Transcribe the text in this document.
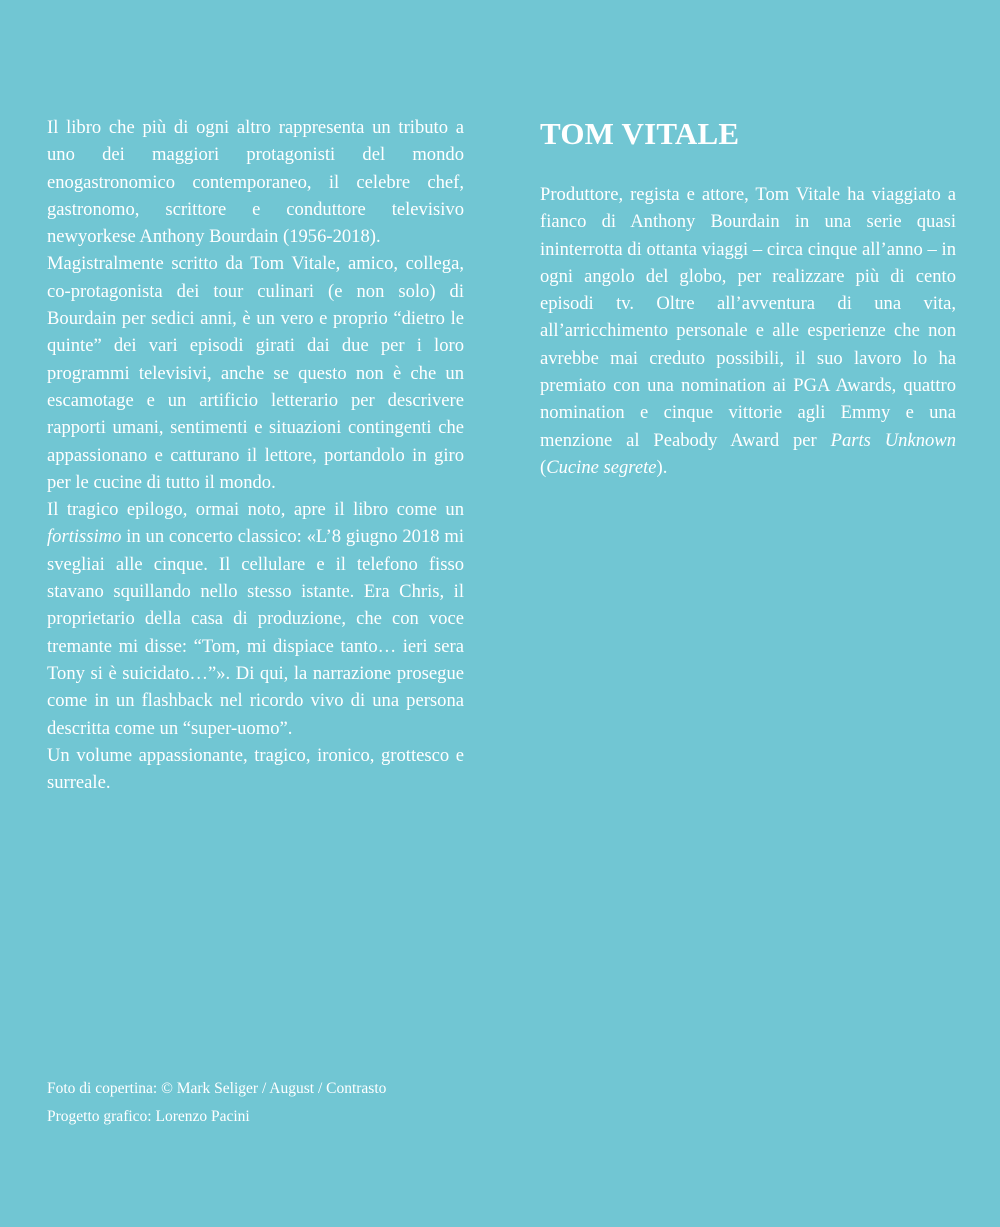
Il libro che più di ogni altro rappresenta un tributo a uno dei maggiori protagonisti del mondo enogastronomico contemporaneo, il celebre chef, gastronomo, scrittore e conduttore televisivo newyorkese Anthony Bourdain (1956-2018).

Magistralmente scritto da Tom Vitale, amico, collega, co-protagonista dei tour culinari (e non solo) di Bourdain per sedici anni, è un vero e proprio “dietro le quinte” dei vari episodi girati dai due per i loro programmi televisivi, anche se questo non è che un escamotage e un artificio letterario per descrivere rapporti umani, sentimenti e situazioni contingenti che appassionano e catturano il lettore, portandolo in giro per le cucine di tutto il mondo.

Il tragico epilogo, ormai noto, apre il libro come un fortissimo in un concerto classico: «L’8 giugno 2018 mi svegliai alle cinque. Il cellulare e il telefono fisso stavano squillando nello stesso istante. Era Chris, il proprietario della casa di produzione, che con voce tremante mi disse: “Tom, mi dispiace tanto… ieri sera Tony si è suicidato…”». Di qui, la narrazione prosegue come in un flashback nel ricordo vivo di una persona descritta come un “super-uomo”.

Un volume appassionante, tragico, ironico, grottesco e surreale.

TOM VITALE

Produttore, regista e attore, Tom Vitale ha viaggiato a fianco di Anthony Bourdain in una serie quasi ininterrotta di ottanta viaggi – circa cinque all’anno – in ogni angolo del globo, per realizzare più di cento episodi tv. Oltre all’avventura di una vita, all’arricchimento personale e alle esperienze che non avrebbe mai creduto possibili, il suo lavoro lo ha premiato con una nomination ai PGA Awards, quattro nomination e cinque vittorie agli Emmy e una menzione al Peabody Award per Parts Unknown (Cucine segrete).

Foto di copertina: © Mark Seliger / August / Contrasto
Progetto grafico: Lorenzo Pacini
